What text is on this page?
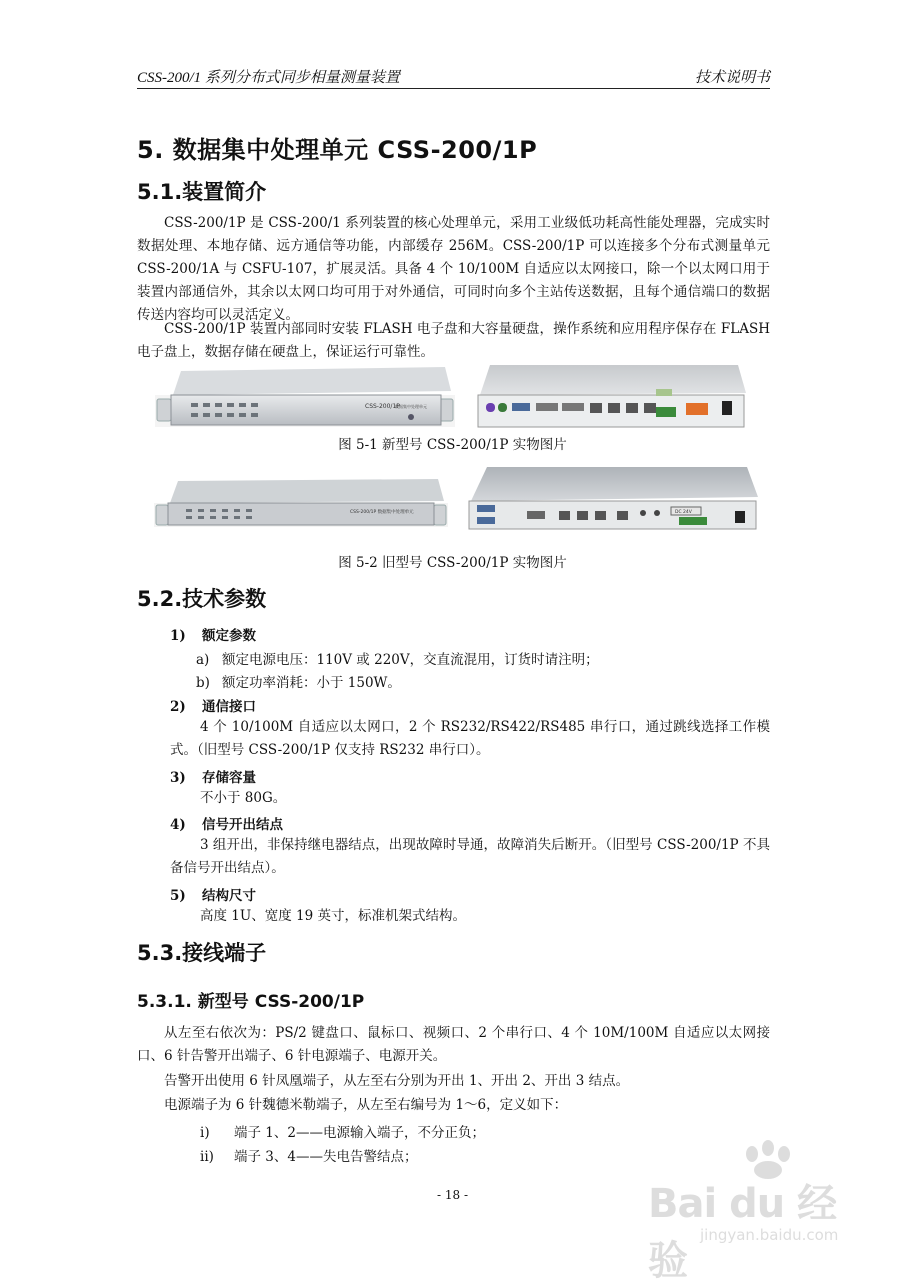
CSS-200/1 系列分布式同步相量测量装置	技术说明书
5. 数据集中处理单元 CSS-200/1P
5.1.装置简介

CSS-200/1P 是 CSS-200/1 系列装置的核心处理单元，采用工业级低功耗高性能处理器，完成实时数据处理、本地存储、远方通信等功能，内部缓存 256M。CSS-200/1P 可以连接多个分布式测量单元 CSS-200/1A 与 CSFU-107，扩展灵活。具备 4 个 10/100M 自适应以太网接口，除一个以太网口用于装置内部通信外，其余以太网口均可用于对外通信，可同时向多个主站传送数据，且每个通信端口的数据传送内容均可以灵活定义。

CSS-200/1P 装置内部同时安装 FLASH 电子盘和大容量硬盘，操作系统和应用程序保存在 FLASH 电子盘上，数据存储在硬盘上，保证运行可靠性。

CSS-200/1P
数据集中处理单元
图 5-1 新型号 CSS-200/1P 实物图片
CSS-200/1P 数据集中处理单元	DC 24V
图 5-2 旧型号 CSS-200/1P 实物图片
5.2.技术参数
1) 额定参数
a) 额定电源电压：110V 或 220V，交直流混用，订货时请注明；
b) 额定功率消耗：小于 150W。
2) 通信接口

4 个 10/100M 自适应以太网口，2 个 RS232/RS422/RS485 串行口，通过跳线选择工作模式。（旧型号 CSS-200/1P 仅支持 RS232 串行口）。

3) 存储容量

不小于 80G。

4) 信号开出结点

3 组开出，非保持继电器结点，出现故障时导通，故障消失后断开。（旧型号 CSS-200/1P 不具备信号开出结点）。

5) 结构尺寸

高度 1U、宽度 19 英寸，标准机架式结构。

5.3.接线端子
5.3.1. 新型号 CSS-200/1P

从左至右依次为：PS/2 键盘口、鼠标口、视频口、2 个串行口、4 个 10M/100M 自适应以太网接口、6 针告警开出端子、6 针电源端子、电源开关。

告警开出使用 6 针凤凰端子，从左至右分别为开出 1、开出 2、开出 3 结点。

电源端子为 6 针魏德米勒端子，从左至右编号为 1～6，定义如下：

i) 端子 1、2——电源输入端子，不分正负；
ii) 端子 3、4——失电告警结点；
- 18 -	Bai du 经验
jingyan.baidu.com
